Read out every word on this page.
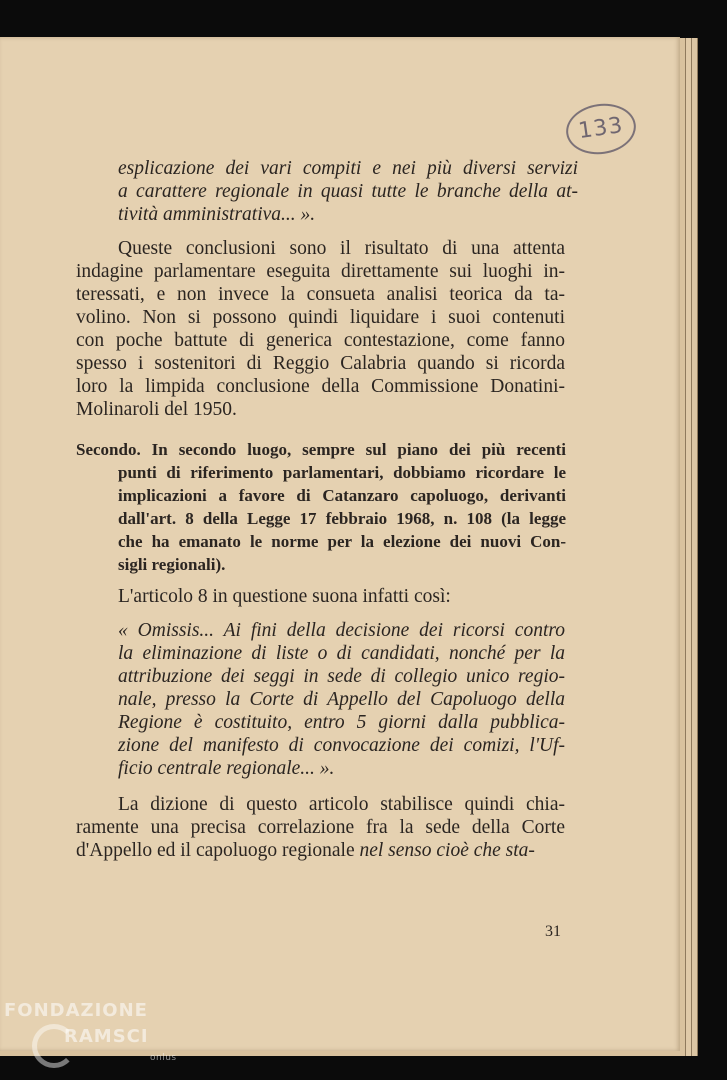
133
esplicazione dei vari compiti e nei più diversi servizi
a carattere regionale in quasi tutte le branche della at-
tività amministrativa... ».
Queste conclusioni sono il risultato di una attenta
indagine parlamentare eseguita direttamente sui luoghi in-
teressati, e non invece la consueta analisi teorica da ta-
volino. Non si possono quindi liquidare i suoi contenuti
con poche battute di generica contestazione, come fanno
spesso i sostenitori di Reggio Calabria quando si ricorda
loro la limpida conclusione della Commissione Donatini-
Molinaroli del 1950.
Secondo. In secondo luogo, sempre sul piano dei più recenti
punti di riferimento parlamentari, dobbiamo ricordare le
implicazioni a favore di Catanzaro capoluogo, derivanti
dall'art. 8 della Legge 17 febbraio 1968, n. 108 (la legge
che ha emanato le norme per la elezione dei nuovi Con-
sigli regionali).
L'articolo 8 in questione suona infatti così:
« Omissis... Ai fini della decisione dei ricorsi contro
la eliminazione di liste o di candidati, nonché per la
attribuzione dei seggi in sede di collegio unico regio-
nale, presso la Corte di Appello del Capoluogo della
Regione è costituito, entro 5 giorni dalla pubblica-
zione del manifesto di convocazione dei comizi, l'Uf-
ficio centrale regionale... ».
La dizione di questo articolo stabilisce quindi chia-
ramente una precisa correlazione fra la sede della Corte
d'Appello ed il capoluogo regionale nel senso cioè che sta-
31
FONDAZIONE
RAMSCI
onlus
